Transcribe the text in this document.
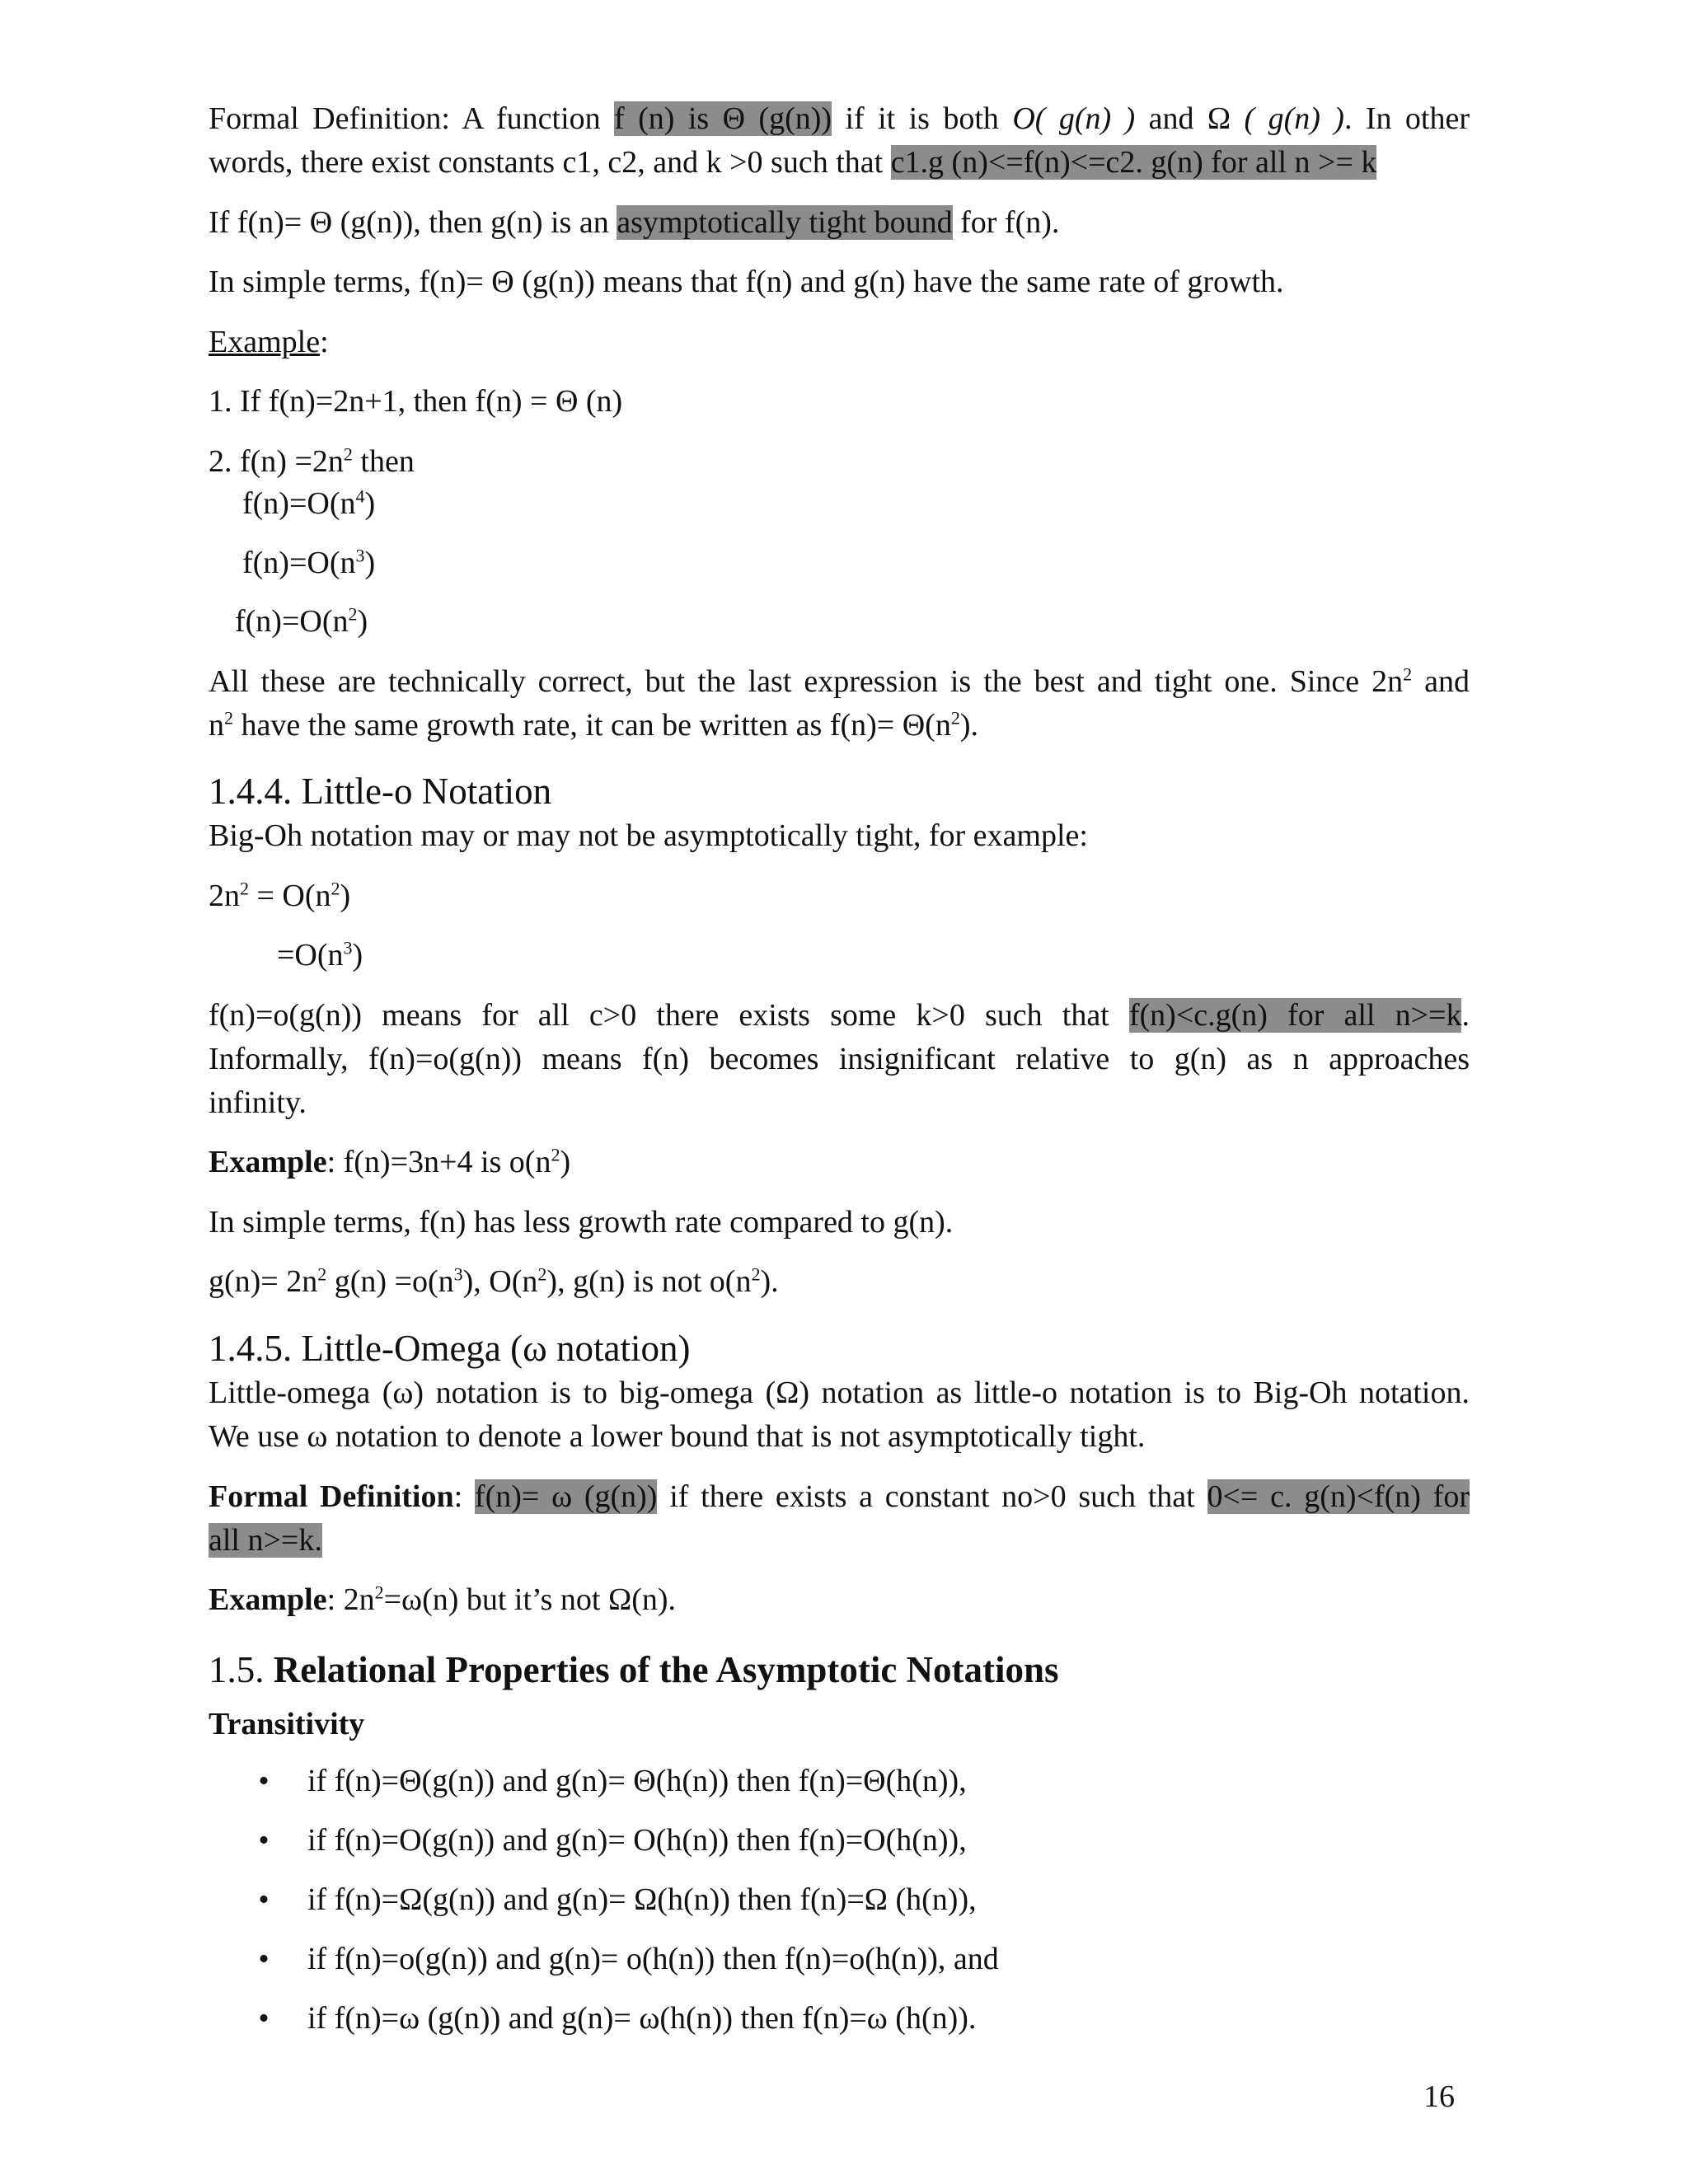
Formal Definition: A function f (n) is Θ (g(n)) if it is both O( g(n) ) and Ω ( g(n) ). In other

words, there exist constants c1, c2, and k >0 such that c1.g (n)<=f(n)<=c2. g(n) for all n >= k

If f(n)= Θ (g(n)), then g(n) is an asymptotically tight bound for f(n).

In simple terms, f(n)= Θ (g(n)) means that f(n) and g(n) have the same rate of growth.

Example:

1. If f(n)=2n+1, then f(n) = Θ (n)

2. $f(n) =2n^2$ then

$f(n)=O(n^4)$

$f(n)=O(n^3)$

$f(n)=O(n^2)$

All these are technically correct, but the last expression is the best and tight one. Since $2n^2$ and

$n^2$ have the same growth rate, it can be written as $f(n)= \Theta(n^2)$.

1.4.4. Little-o Notation

Big-Oh notation may or may not be asymptotically tight, for example:

$2n^2 = O(n^2)$

$=O(n^3)$

f(n)=o(g(n)) means for all c>0 there exists some k>0 such that f(n)<c.g(n) for all n>=k.

Informally, f(n)=o(g(n)) means f(n) becomes insignificant relative to g(n) as n approaches

infinity.

Example: f(n)=3n+4 is $o(n^2)$

In simple terms, f(n) has less growth rate compared to g(n).

$g(n)= 2n^2$ $g(n) =o(n^3)$, $O(n^2)$, g(n) is not $o(n^2)$.

1.4.5. Little-Omega (ω notation)

Little-omega (ω) notation is to big-omega (Ω) notation as little-o notation is to Big-Oh notation.

We use ω notation to denote a lower bound that is not asymptotically tight.

Formal Definition: f(n)= ω (g(n)) if there exists a constant no>0 such that 0<= c. g(n)<f(n) for

all n>=k.

Example: $2n^2=\omega(n)$ but it’s not Ω(n).

1.5. Relational Properties of the Asymptotic Notations

Transitivity

• if f(n)=Θ(g(n)) and g(n)= Θ(h(n)) then f(n)=Θ(h(n)),
• if f(n)=O(g(n)) and g(n)= O(h(n)) then f(n)=O(h(n)),
• if f(n)=Ω(g(n)) and g(n)= Ω(h(n)) then f(n)=Ω (h(n)),
• if f(n)=o(g(n)) and g(n)= o(h(n)) then f(n)=o(h(n)), and
• if f(n)=ω (g(n)) and g(n)= ω(h(n)) then f(n)=ω (h(n)).
16
